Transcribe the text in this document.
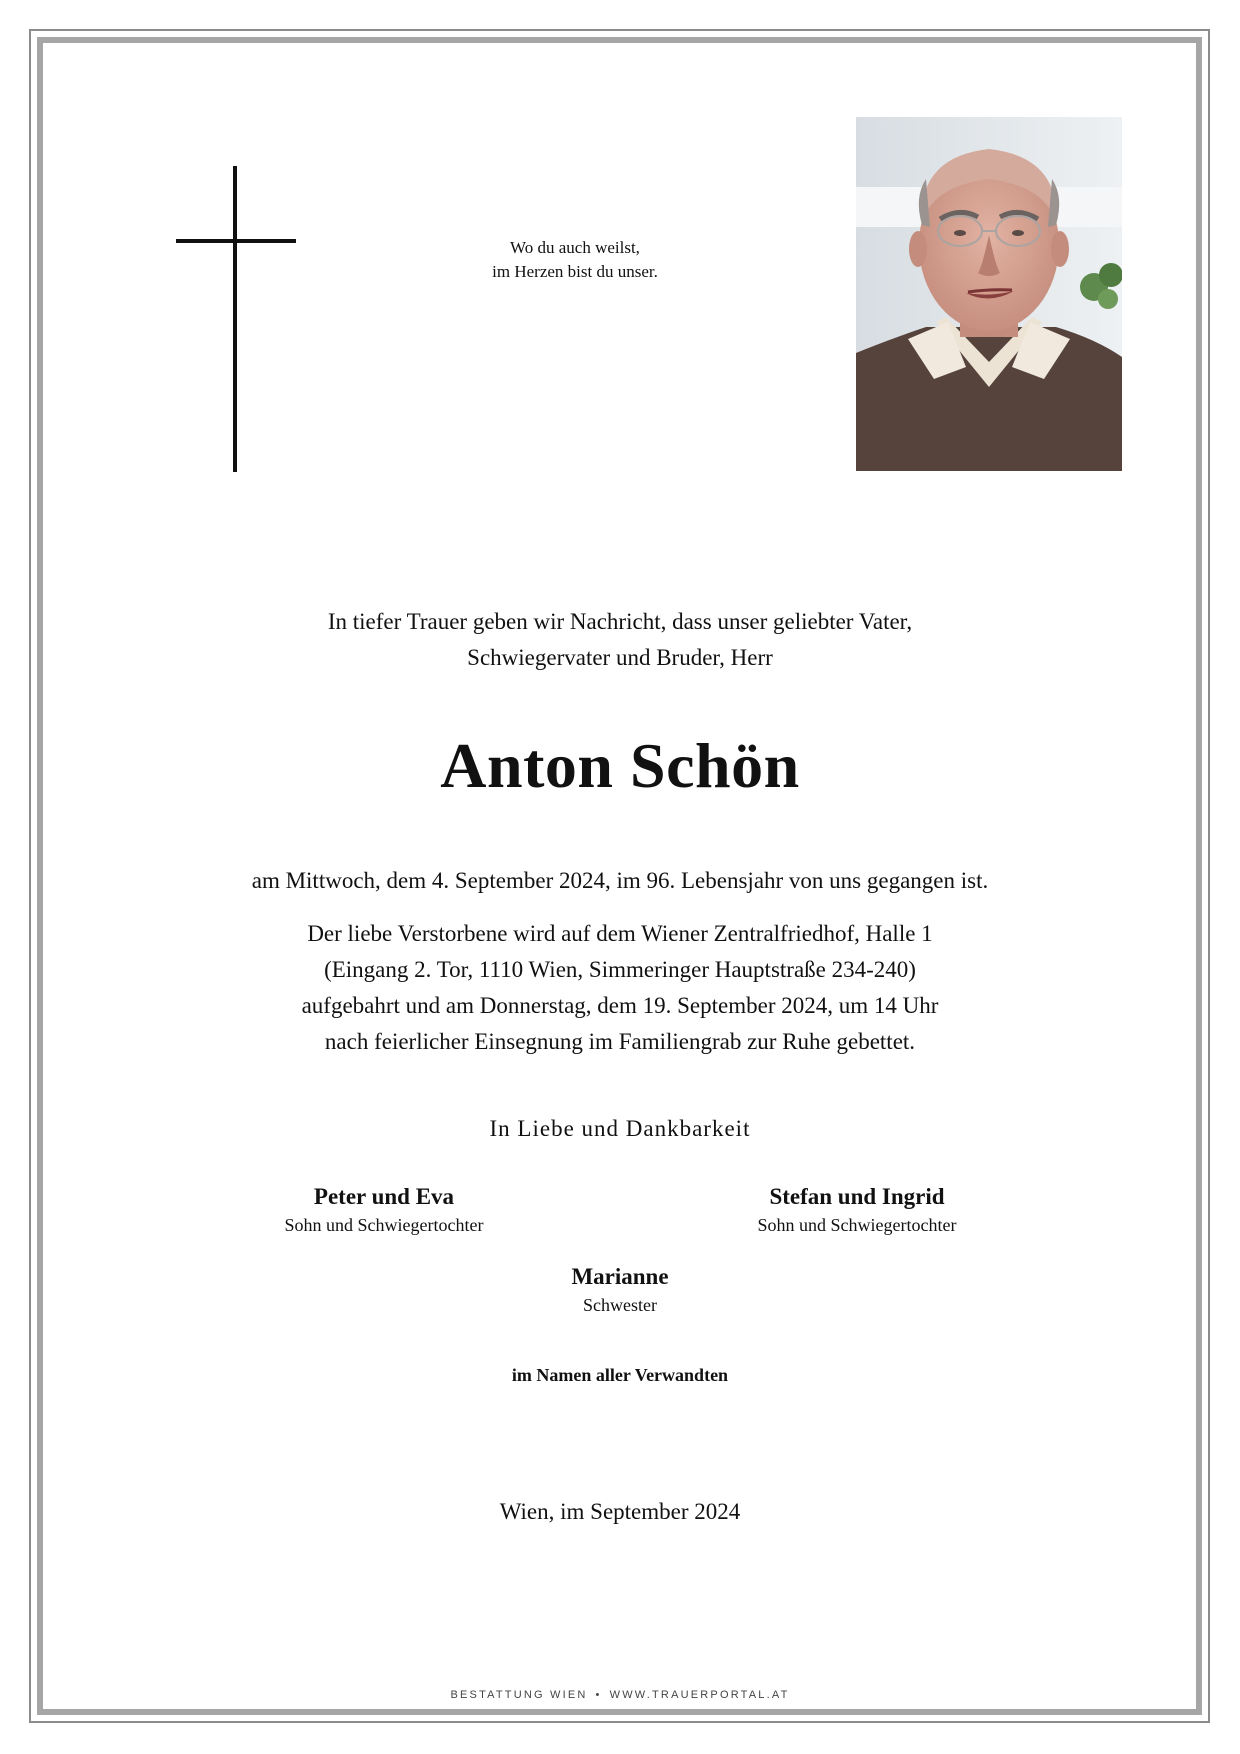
Wo du auch weilst,
im Herzen bist du unser.
In tiefer Trauer geben wir Nachricht, dass unser geliebter Vater,
Schwiegervater und Bruder, Herr
Anton Schön
am Mittwoch, dem 4. September 2024, im 96. Lebensjahr von uns gegangen ist.
Der liebe Verstorbene wird auf dem Wiener Zentralfriedhof, Halle 1
(Eingang 2. Tor, 1110 Wien, Simmeringer Hauptstraße 234-240)
aufgebahrt und am Donnerstag, dem 19. September 2024, um 14 Uhr
nach feierlicher Einsegnung im Familiengrab zur Ruhe gebettet.
In Liebe und Dankbarkeit
Peter und Eva
Sohn und Schwiegertochter
Stefan und Ingrid
Sohn und Schwiegertochter
Marianne
Schwester
im Namen aller Verwandten
Wien, im September 2024
BESTATTUNG WIEN • WWW.TRAUERPORTAL.AT
